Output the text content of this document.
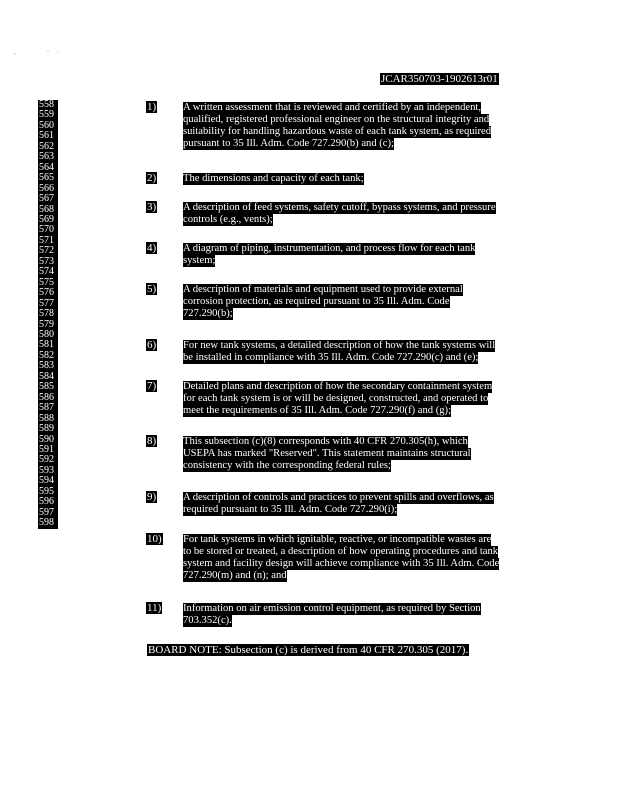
JCAR350703-1902613r01
558
559
560
561
562
563
564
565
566
567
568
569
570
571
572
573
574
575
576
577
578
579
580
581
582
583
584
585
586
587
588
589
590
591
592
593
594
595
596
597
598
1)	A written assessment that is reviewed and certified by an independent,
qualified, registered professional engineer on the structural integrity and
suitability for handling hazardous waste of each tank system, as required
pursuant to 35 Ill. Adm. Code 727.290(b) and (c);
2)	The dimensions and capacity of each tank;
3)	A description of feed systems, safety cutoff, bypass systems, and pressure
controls (e.g., vents);
4)	A diagram of piping, instrumentation, and process flow for each tank
system;
5)	A description of materials and equipment used to provide external
corrosion protection, as required pursuant to 35 Ill. Adm. Code
727.290(b);
6)	For new tank systems, a detailed description of how the tank systems will
be installed in compliance with 35 Ill. Adm. Code 727.290(c) and (e);
7)	Detailed plans and description of how the secondary containment system
for each tank system is or will be designed, constructed, and operated to
meet the requirements of 35 Ill. Adm. Code 727.290(f) and (g);
8)	This subsection (c)(8) corresponds with 40 CFR 270.305(h), which
USEPA has marked "Reserved". This statement maintains structural
consistency with the corresponding federal rules;
9)	A description of controls and practices to prevent spills and overflows, as
required pursuant to 35 Ill. Adm. Code 727.290(i);
10) For tank systems in which ignitable, reactive, or incompatible wastes are
to be stored or treated, a description of how operating procedures and tank
system and facility design will achieve compliance with 35 Ill. Adm. Code
727.290(m) and (n); and
11) Information on air emission control equipment, as required by Section
703.352(c).
BOARD NOTE: Subsection (c) is derived from 40 CFR 270.305 (2017).
